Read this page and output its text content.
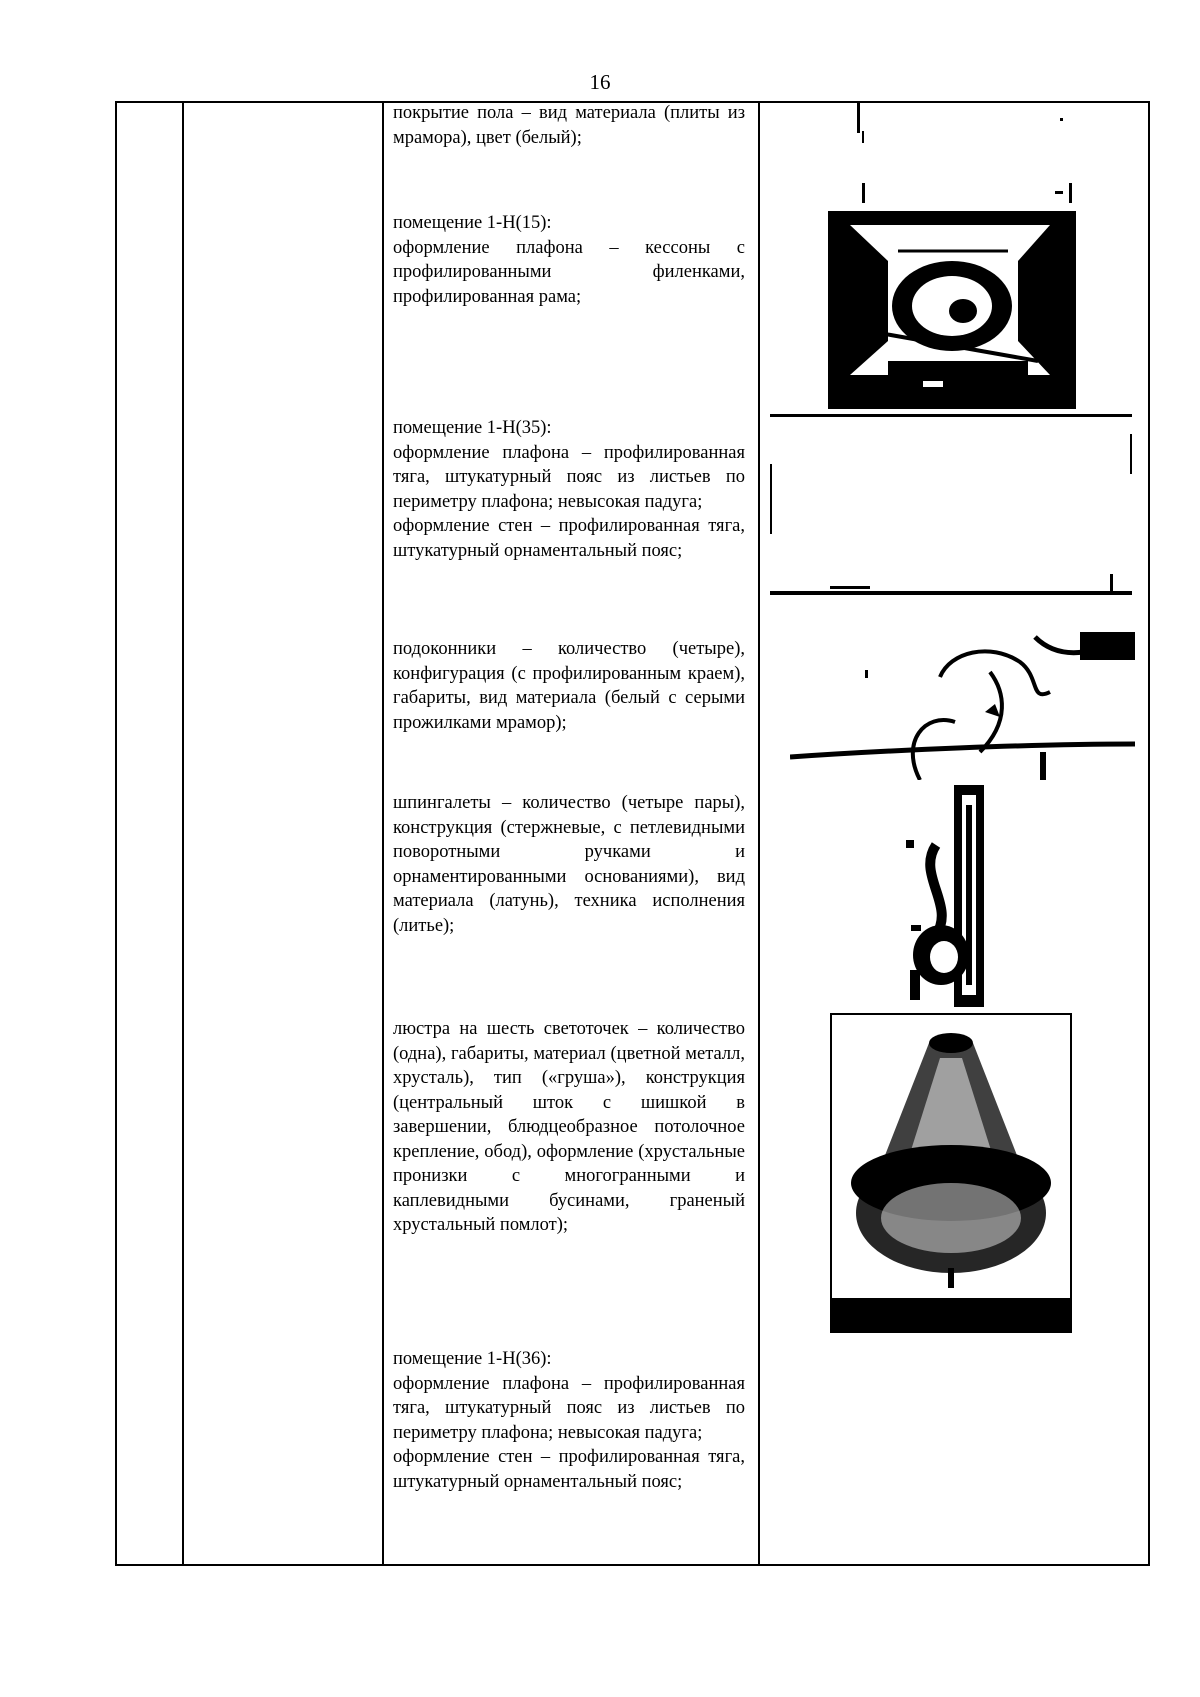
16

покрытие пола – вид материала (плиты из мрамора), цвет (белый);

помещение 1-Н(15):

оформление плафона – кессоны с профилированными филенками, профилированная рама;

помещение 1-Н(35):

оформление плафона – профилированная тяга, штукатурный пояс из листьев по периметру плафона; невысокая падуга;

оформление стен – профилированная тяга, штукатурный орнаментальный пояс;

подоконники – количество (четыре), конфигурация (с профилированным краем), габариты, вид материала (белый с серыми прожилками мрамор);

шпингалеты – количество (четыре пары), конструкция (стержневые, с петлевидными поворотными ручками и орнаментированными основаниями), вид материала (латунь), техника исполнения (литье);

люстра на шесть светоточек – количество (одна), габариты, материал (цветной металл, хрусталь), тип («груша»), конструкция (центральный шток с шишкой в завершении, блюдцеобразное потолочное крепление, обод), оформление (хрустальные пронизки с многогранными и каплевидными бусинами, граненый хрустальный помлот);

помещение 1-Н(36):

оформление плафона – профилированная тяга, штукатурный пояс из листьев по периметру плафона; невысокая падуга;

оформление стен – профилированная тяга, штукатурный орнаментальный пояс;
